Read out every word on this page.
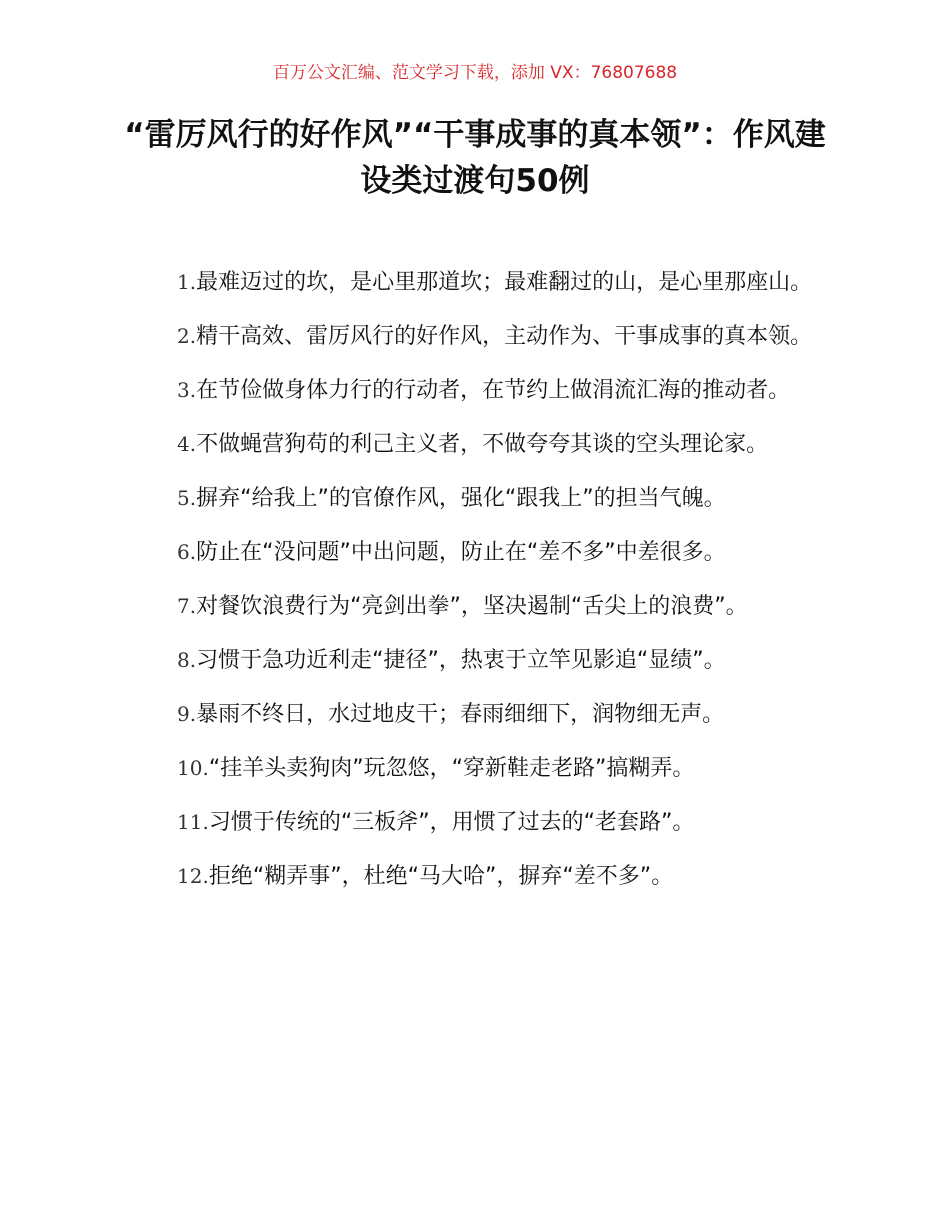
百万公文汇编、范文学习下载，添加 VX：76807688
“雷厉风行的好作风”“干事成事的真本领”：作风建设类过渡句50例
1.最难迈过的坎，是心里那道坎；最难翻过的山，是心里那座山。
2.精干高效、雷厉风行的好作风，主动作为、干事成事的真本领。
3.在节俭做身体力行的行动者，在节约上做涓流汇海的推动者。
4.不做蝇营狗苟的利己主义者，不做夸夸其谈的空头理论家。
5.摒弃“给我上”的官僚作风，强化“跟我上”的担当气魄。
6.防止在“没问题”中出问题，防止在“差不多”中差很多。
7.对餐饮浪费行为“亮剑出拳”，坚决遏制“舌尖上的浪费”。
8.习惯于急功近利走“捷径”，热衷于立竿见影追“显绩”。
9.暴雨不终日，水过地皮干；春雨细细下，润物细无声。
10.“挂羊头卖狗肉”玩忽悠，“穿新鞋走老路”搞糊弄。
11.习惯于传统的“三板斧”，用惯了过去的“老套路”。
12.拒绝“糊弄事”，杜绝“马大哈”，摒弃“差不多”。
